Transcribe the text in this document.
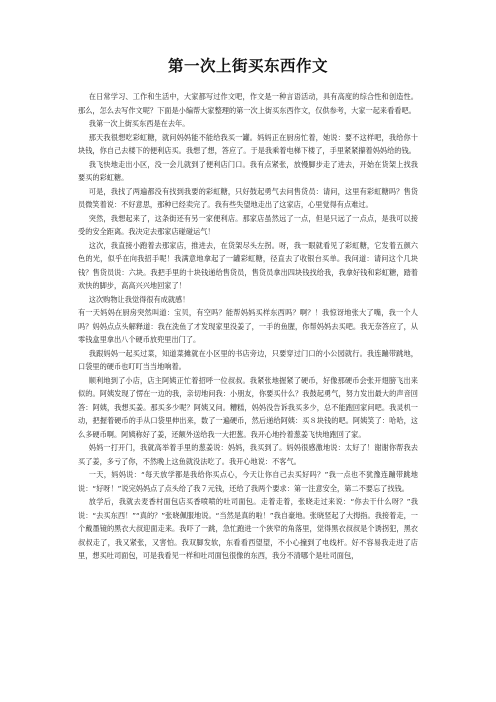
第一次上街买东西作文

在日常学习、工作和生活中，大家都写过作文吧，作文是一种言语活动，具有高度的综合性和创造性。那么，怎么去写作文呢？下面是小编帮大家整理的第一次上街买东西作文，仅供参考，大家一起来看看吧。

我第一次上街买东西是在去年。

那天我很想吃彩虹糖，就问妈妈能不能给我买一罐。妈妈正在厨房忙着，她说：要不这样吧，我给你十块钱，你自己去楼下的便利店买。我想了想，答应了。于是我乘着电梯下楼了，手里紧紧攥着妈妈给的钱。

我飞快地走出小区，没一会儿就到了便利店门口。我有点紧张，放慢脚步走了进去，开始在货架上找我要买的彩虹糖。

可是，我找了两遍都没有找到我要的彩虹糖，只好鼓起勇气去问售货员：请问，这里有彩虹糖吗？售货员微笑着说：不好意思，那种已经卖完了。我有些失望地走出了这家店，心里觉得有点难过。

突然，我想起来了，这条街还有另一家便利店。那家店虽然远了一点，但是只远了一点点，是我可以接受的安全距离。我决定去那家店碰碰运气！

这次，我直接小跑着去那家店，推进去，在货架尽头左拐。呀，我一眼就看见了彩虹糖，它发着五颜六色的光，似乎在向我招手呢！我满意地拿起了一罐彩虹糖，径直去了收银台买单。我问道：请问这个几块钱？售货员说：六块。我把手里的十块钱递给售货员，售货员拿出四块钱找给我，我拿好钱和彩虹糖，踏着欢快的脚步，高高兴兴地回家了！

这次购物让我觉得很有成就感！

有一天妈妈在厨房突然叫道：宝贝，有空吗？能帮妈妈买样东西吗？啊？！我惊讶地张大了嘴，我一个人吗？妈妈点点头解释道：我在洗鱼了才发现家里没姜了，一手的鱼腥，你帮妈妈去买吧。我无奈答应了，从零钱盒里拿出八个硬币放兜里出门了。

我跟妈妈一起买过菜，知道菜摊就在小区里的书店旁边，只要穿过门口的小公园就行。我连蹦带跳地，口袋里的硬币也叮叮当当地响着。

顺利地到了小店，店主阿姨正忙着招呼一位叔叔。我紧张地握紧了硬币，好像那硬币会张开翅膀飞出来似的。阿姨发现了愣在一边的我，亲切地问我：小朋友，你要买什么？我鼓起勇气，努力发出最大的声音回答：阿姨，我想买姜。那买多少呢？阿姨又问。糟糕，妈妈没告诉我买多少，总不能跑回家问吧。我灵机一动，把握着硬币的手从口袋里伸出来，数了一遍硬币，然后递给阿姨：买８块钱的吧。阿姨笑了：哈哈，这么多硬币啊。阿姨称好了姜，还额外送给我一大把葱。我开心地拎着葱姜飞快地跑回了家。

妈妈一打开门，我就高举着手里的葱姜说：妈妈，我买到了。妈妈很感激地说：太好了！谢谢你帮我去买了姜，多亏了你，不然晚上这鱼就没法吃了。我开心地说：不客气。

一天，妈妈说：“每天放学都是我给你买点心，今天让你自己去买好吗？”我一点也不犹豫连蹦带跳地说：“好呀！”说完妈妈点了点头给了我７元钱，还给了我两个要求：第一注意安全，第二不要忘了找钱。

放学后，我就去麦香村面包店买香喷喷的吐司面包。走着走着，张晓走过来说：“你去干什么呀？”我说：“去买东西！”“真的？”张晓佩服地说。“当然是真的啦！”我自豪地。张晓竖起了大拇指。我接着走，一个戴墨镜的黑衣大叔迎面走来。我吓了一跳，急忙跑进一个狭窄的角落里，觉得黑衣叔叔是个诱拐犯，黑衣叔叔走了，我又紧张，又害怕。我双脚发软，东看看西望望，不小心撞到了电线杆。好不容易我走进了店里，想买吐司面包，可是我看见一样和吐司面包很像的东西，我分不清哪个是吐司面包，
